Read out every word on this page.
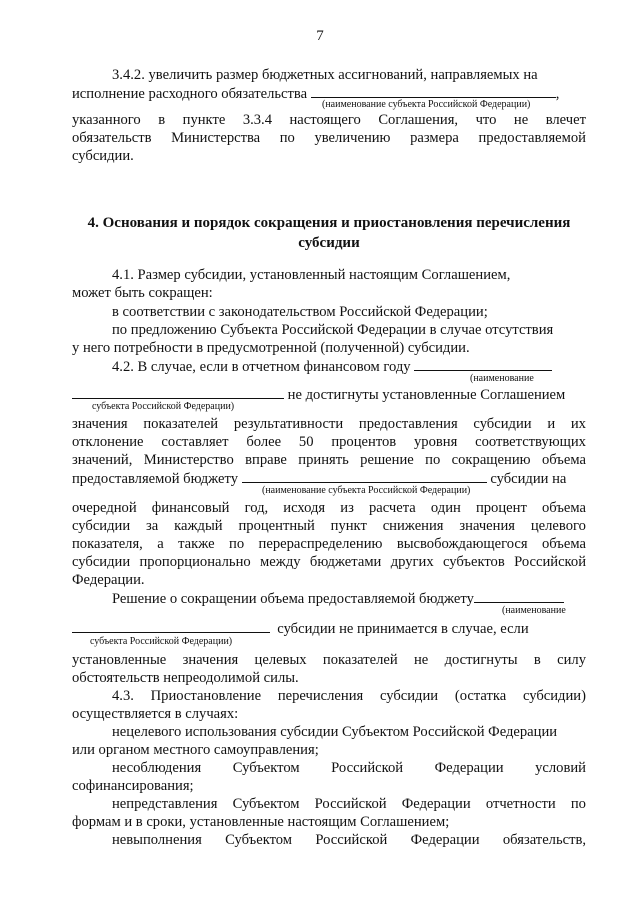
7
3.4.2. увеличить размер бюджетных ассигнований, направляемых на
исполнение расходного обязательства	,
(наименование субъекта Российской Федерации)
указанного в пункте 3.3.4 настоящего Соглашения, что не влечет
обязательств Министерства по увеличению размера предоставляемой
субсидии.
4. Основания и порядок сокращения и приостановления перечисления
субсидии
4.1. Размер субсидии, установленный настоящим Соглашением,
может быть сокращен:
в соответствии с законодательством Российской Федерации;
по предложению Субъекта Российской Федерации в случае отсутствия
у него потребности в предусмотренной (полученной) субсидии.
4.2. В случае, если в отчетном финансовом году
(наименование
не достигнуты установленные Соглашением
субъекта Российской Федерации)
значения показателей результативности предоставления субсидии и их
отклонение составляет более 50 процентов уровня соответствующих
значений, Министерство вправе принять решение по сокращению объема
предоставляемой бюджету	субсидии на
(наименование субъекта Российской Федерации)
очередной финансовый год, исходя из расчета один процент объема
субсидии за каждый процентный пункт снижения значения целевого
показателя, а также по перераспределению высвобождающегося объема
субсидии пропорционально между бюджетами других субъектов Российской
Федерации.
Решение о сокращении объема предоставляемой бюджету
(наименование
субсидии не принимается в случае, если
субъекта Российской Федерации)
установленные значения целевых показателей не достигнуты в силу
обстоятельств непреодолимой силы.
4.3. Приостановление перечисления субсидии (остатка субсидии)
осуществляется в случаях:
нецелевого использования субсидии Субъектом Российской Федерации
или органом местного самоуправления;
несоблюдения Субъектом Российской Федерации условий
софинансирования;
непредставления Субъектом Российской Федерации отчетности по
формам и в сроки, установленные настоящим Соглашением;
невыполнения Субъектом Российской Федерации обязательств,
